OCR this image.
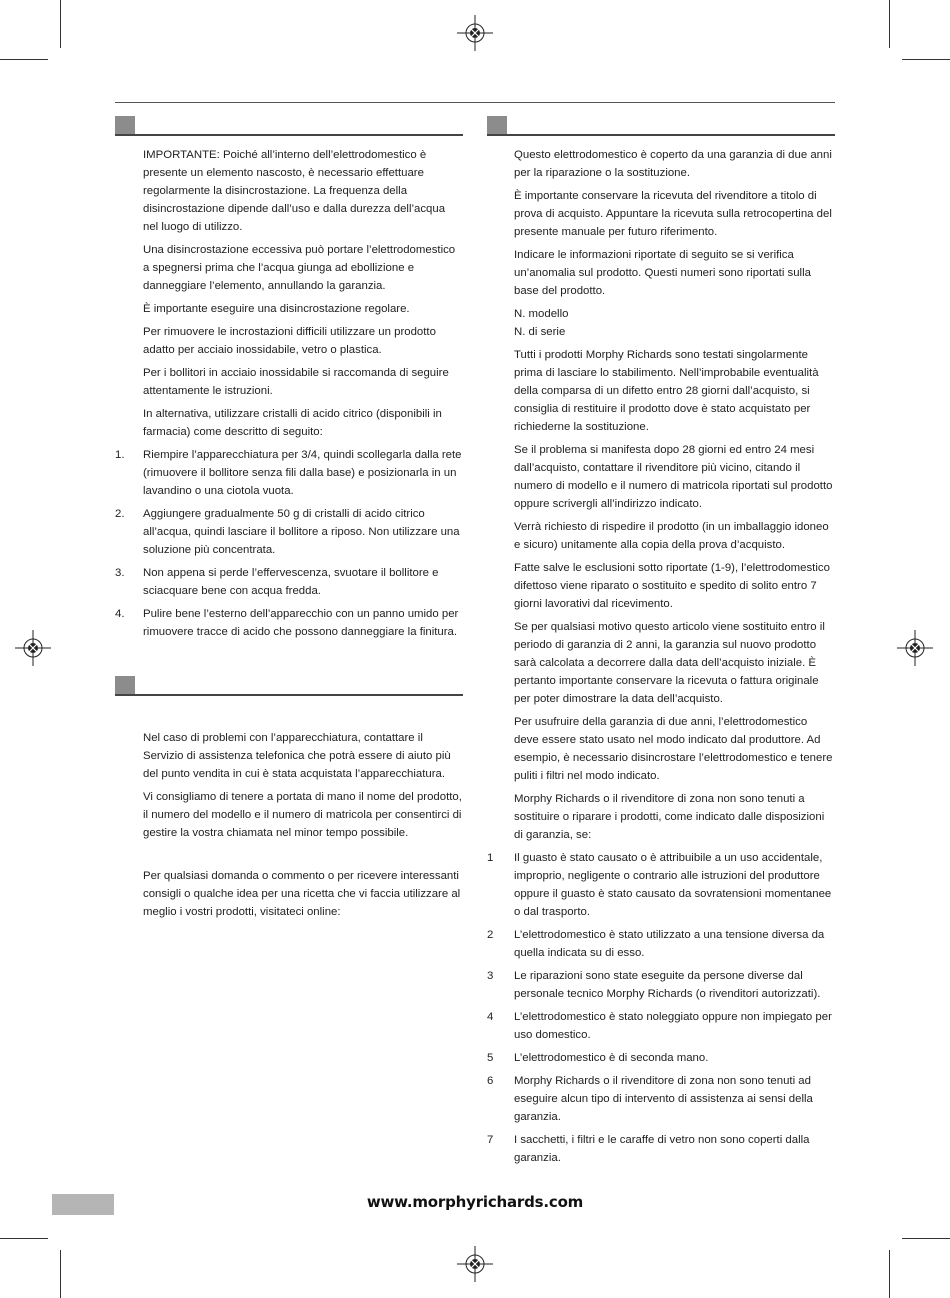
IMPORTANTE: Poiché all’interno dell’elettrodomestico è presente un elemento nascosto, è necessario effettuare regolarmente la disincrostazione. La frequenza della disincrostazione dipende dall’uso e dalla durezza dell’acqua nel luogo di utilizzo.

Una disincrostazione eccessiva può portare l’elettrodomestico a spegnersi prima che l’acqua giunga ad ebollizione e danneggiare l’elemento, annullando la garanzia.

È importante eseguire una disincrostazione regolare.

Per rimuovere le incrostazioni difficili utilizzare un prodotto adatto per acciaio inossidabile, vetro o plastica.

Per i bollitori in acciaio inossidabile si raccomanda di seguire attentamente le istruzioni.

In alternativa, utilizzare cristalli di acido citrico (disponibili in farmacia) come descritto di seguito:

1. Riempire l’apparecchiatura per 3/4, quindi scollegarla dalla rete (rimuovere il bollitore senza fili dalla base) e posizionarla in un lavandino o una ciotola vuota.
2. Aggiungere gradualmente 50 g di cristalli di acido citrico all’acqua, quindi lasciare il bollitore a riposo. Non utilizzare una soluzione più concentrata.
3. Non appena si perde l’effervescenza, svuotare il bollitore e sciacquare bene con acqua fredda.
4. Pulire bene l’esterno dell’apparecchio con un panno umido per rimuovere tracce di acido che possono danneggiare la finitura.

Nel caso di problemi con l’apparecchiatura, contattare il Servizio di assistenza telefonica che potrà essere di aiuto più del punto vendita in cui è stata acquistata l’apparecchiatura.

Vi consigliamo di tenere a portata di mano il nome del prodotto, il numero del modello e il numero di matricola per consentirci di gestire la vostra chiamata nel minor tempo possibile.

Per qualsiasi domanda o commento o per ricevere interessanti consigli o qualche idea per una ricetta che vi faccia utilizzare al meglio i vostri prodotti, visitateci online:

Questo elettrodomestico è coperto da una garanzia di due anni per la riparazione o la sostituzione.

È importante conservare la ricevuta del rivenditore a titolo di prova di acquisto. Appuntare la ricevuta sulla retrocopertina del presente manuale per futuro riferimento.

Indicare le informazioni riportate di seguito se si verifica un’anomalia sul prodotto. Questi numeri sono riportati sulla base del prodotto.

N. modello
N. di serie

Tutti i prodotti Morphy Richards sono testati singolarmente prima di lasciare lo stabilimento. Nell’improbabile eventualità della comparsa di un difetto entro 28 giorni dall’acquisto, si consiglia di restituire il prodotto dove è stato acquistato per richiederne la sostituzione.

Se il problema si manifesta dopo 28 giorni ed entro 24 mesi dall’acquisto, contattare il rivenditore più vicino, citando il numero di modello e il numero di matricola riportati sul prodotto oppure scrivergli all’indirizzo indicato.

Verrà richiesto di rispedire il prodotto (in un imballaggio idoneo e sicuro) unitamente alla copia della prova d’acquisto.

Fatte salve le esclusioni sotto riportate (1-9), l’elettrodomestico difettoso viene riparato o sostituito e spedito di solito entro 7 giorni lavorativi dal ricevimento.

Se per qualsiasi motivo questo articolo viene sostituito entro il periodo di garanzia di 2 anni, la garanzia sul nuovo prodotto sarà calcolata a decorrere dalla data dell’acquisto iniziale. È pertanto importante conservare la ricevuta o fattura originale per poter dimostrare la data dell’acquisto.

Per usufruire della garanzia di due anni, l’elettrodomestico deve essere stato usato nel modo indicato dal produttore. Ad esempio, è necessario disincrostare l’elettrodomestico e tenere puliti i filtri nel modo indicato.

Morphy Richards o il rivenditore di zona non sono tenuti a sostituire o riparare i prodotti, come indicato dalle disposizioni di garanzia, se:

1 Il guasto è stato causato o è attribuibile a un uso accidentale, improprio, negligente o contrario alle istruzioni del produttore oppure il guasto è stato causato da sovratensioni momentanee o dal trasporto.
2 L’elettrodomestico è stato utilizzato a una tensione diversa da quella indicata su di esso.
3 Le riparazioni sono state eseguite da persone diverse dal personale tecnico Morphy Richards (o rivenditori autorizzati).
4 L’elettrodomestico è stato noleggiato oppure non impiegato per uso domestico.
5 L’elettrodomestico è di seconda mano.
6 Morphy Richards o il rivenditore di zona non sono tenuti ad eseguire alcun tipo di intervento di assistenza ai sensi della garanzia.
7 I sacchetti, i filtri e le caraffe di vetro non sono coperti dalla garanzia.
www.morphyrichards.com
